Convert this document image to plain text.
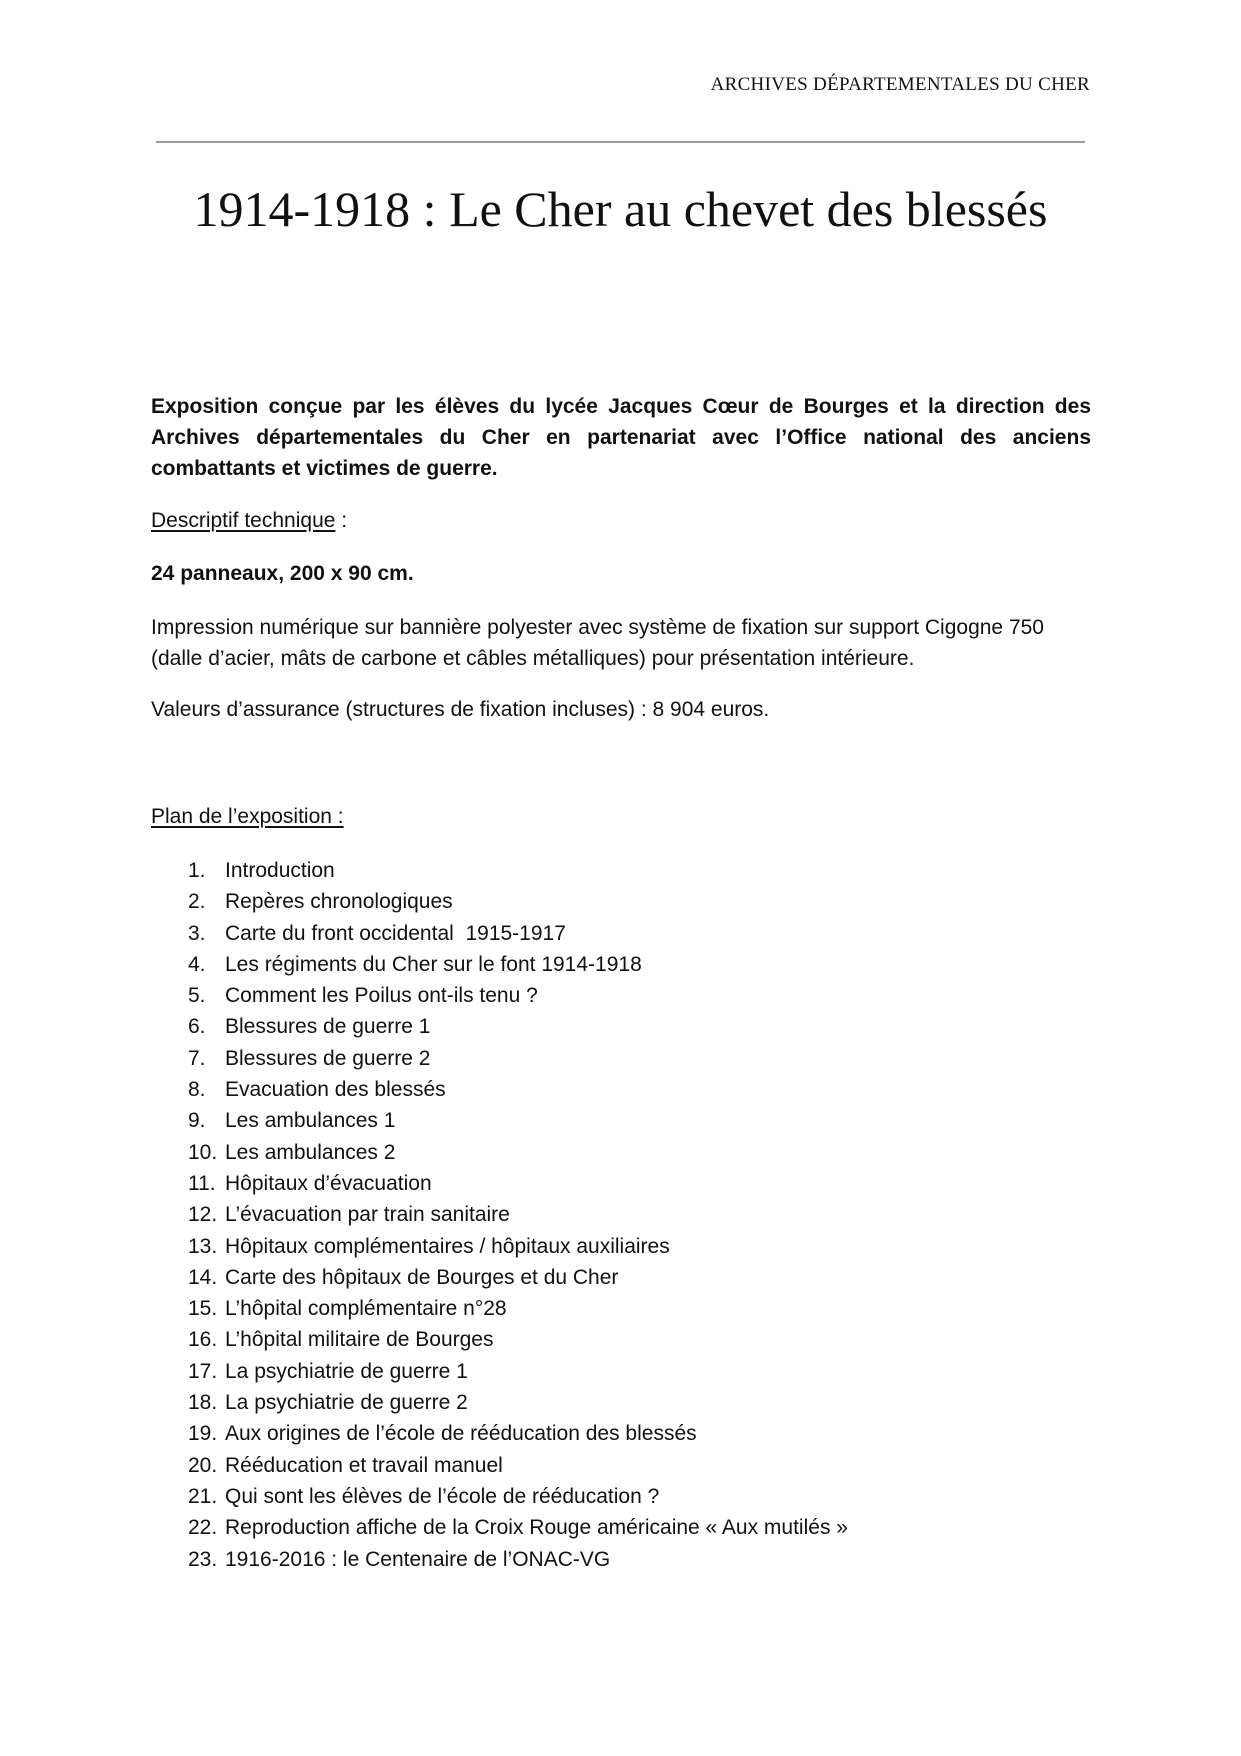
ARCHIVES DÉPARTEMENTALES DU CHER
1914-1918 : Le Cher au chevet des blessés
Exposition conçue par les élèves du lycée Jacques Cœur de Bourges et la direction des Archives départementales du Cher en partenariat avec l’Office national des anciens combattants et victimes de guerre.
Descriptif technique :
24 panneaux, 200 x 90 cm.
Impression numérique sur bannière polyester avec système de fixation sur support Cigogne 750 (dalle d’acier, mâts de carbone et câbles métalliques) pour présentation intérieure.
Valeurs d’assurance (structures de fixation incluses) : 8 904 euros.
Plan de l’exposition :
1. Introduction
2. Repères chronologiques
3. Carte du front occidental  1915-1917
4. Les régiments du Cher sur le font 1914-1918
5. Comment les Poilus ont-ils tenu ?
6. Blessures de guerre 1
7. Blessures de guerre 2
8. Evacuation des blessés
9. Les ambulances 1
10. Les ambulances 2
11. Hôpitaux d’évacuation
12. L’évacuation par train sanitaire
13. Hôpitaux complémentaires / hôpitaux auxiliaires
14. Carte des hôpitaux de Bourges et du Cher
15. L’hôpital complémentaire n°28
16. L’hôpital militaire de Bourges
17. La psychiatrie de guerre 1
18. La psychiatrie de guerre 2
19. Aux origines de l’école de rééducation des blessés
20. Rééducation et travail manuel
21. Qui sont les élèves de l’école de rééducation ?
22. Reproduction affiche de la Croix Rouge américaine « Aux mutilés »
23. 1916-2016 : le Centenaire de l’ONAC-VG
